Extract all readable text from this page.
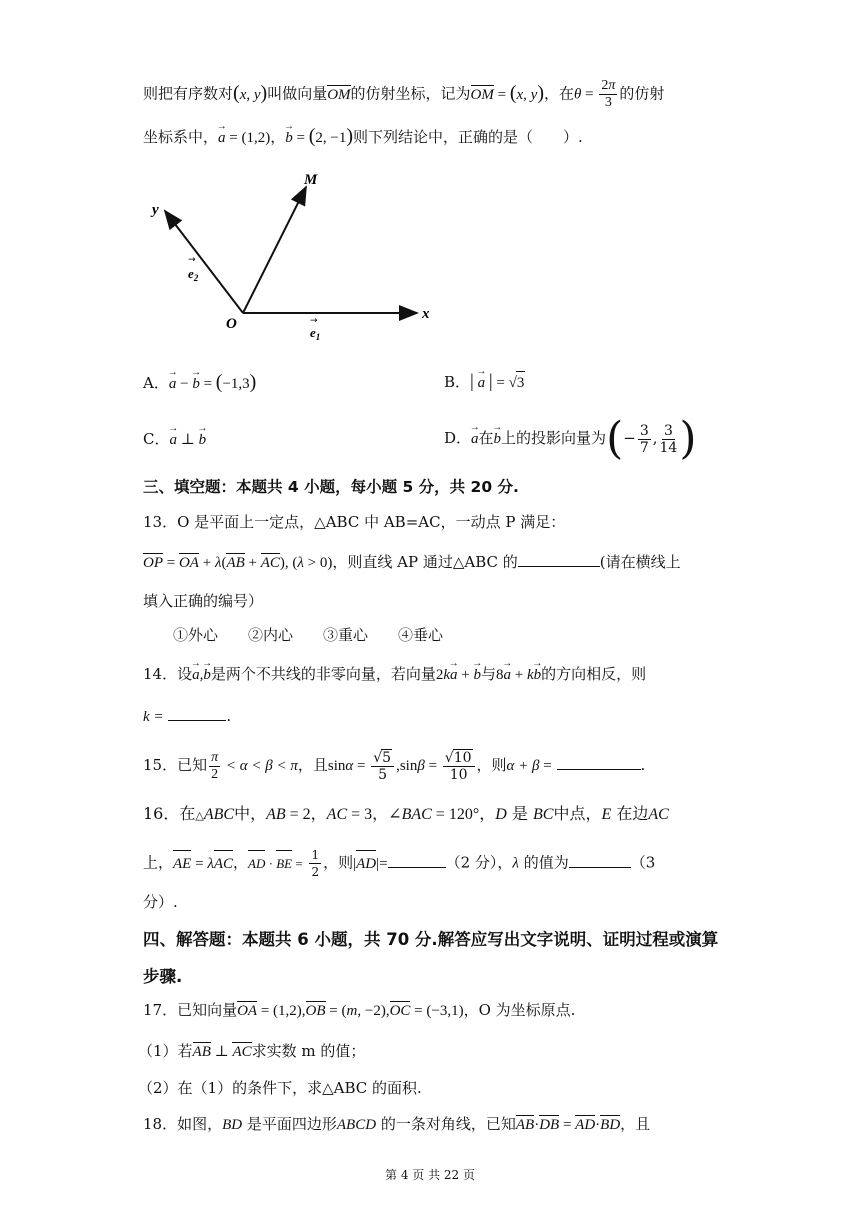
则把有序数对(x, y)叫做向量OM的仿射坐标，记为OM = (x, y)，在$\theta = \frac{2\pi}{3}$ 的仿射
坐标系中，→ a = (1,2)，→ b = (2, −1)则下列结论中，正确的是（　　）.
y
M
O
x
→
$e_2$
→
$e_1$
A．→ a − → b = (−1,3)	B．| → a | = √3
C．→ a ⊥ → b	D．→ a在→ b上的投影向量为(− $\frac{3}{7}$ , $\frac{3}{14}$ )
三、填空题：本题共 4 小题，每小题 5 分，共 20 分.
13．O 是平面上一定点，△ABC 中 AB=AC，一动点 P 满足：
OP = OA + λ(AB + AC), (λ > 0)，则直线 AP 通过△ABC 的	(请在横线上
填入正确的编号）
①外心 ②内心 ③重心 ④垂心
14．设→ a,→ b是两个不共线的非零向量，若向量2k→ a + → b与8→ a + k→ b的方向相反，则
k =	.
15．已知 $\frac{\pi}{2} < \alpha < \beta < \pi$，且$\sin\alpha = \frac{√5}{5} ,\sin\beta = \frac{√10}{10}$ ，则α + β =	.
16．在△ABC中，AB = 2，AC = 3，∠BAC = 120°，D 是 BC中点，E 在边AC
上，AE = λAC，AD · BE = $\frac{1}{2}$ ，则|AD|=	（2 分），λ 的值为	（3
分）.
四、解答题：本题共 6 小题，共 70 分.解答应写出文字说明、证明过程或演算
步骤.
17．已知向量OA = (1,2),OB = (m, −2),OC = (−3,1)，O 为坐标原点.
（1）若AB ⊥ AC求实数 m 的值；
（2）在（1）的条件下，求△ABC 的面积.
18．如图，BD 是平面四边形ABCD 的一条对角线，已知AB·DB = AD·BD，且
第 4 页 共 22 页
